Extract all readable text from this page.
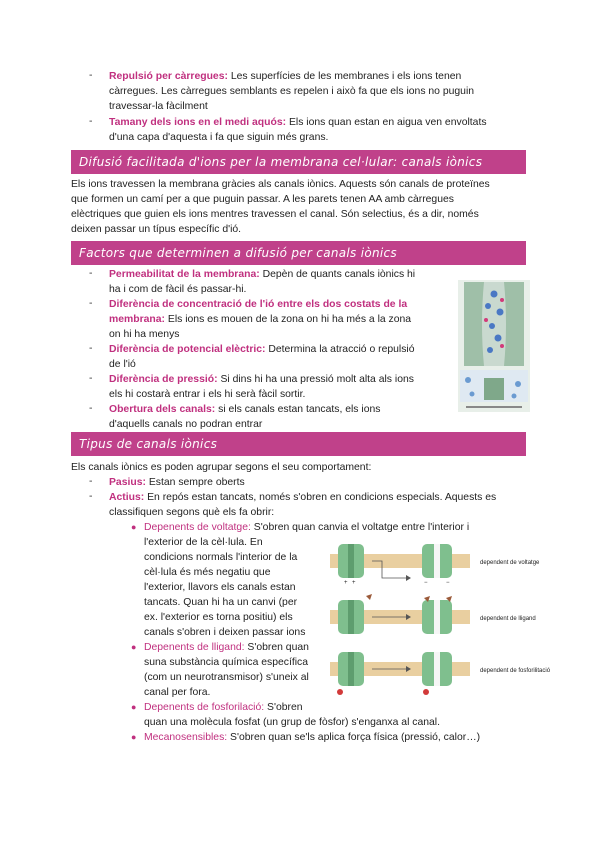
- Repulsió per càrregues: Les superfícies de les membranes i els ions tenen
càrregues. Les càrregues semblants es repelen i això fa que els ions no puguin
travessar-la fàcilment
- Tamany dels ions en el medi aquós: Els ions quan estan en aigua ven envoltats
d'una capa d'aquesta i fa que siguin més grans.
Difusió facilitada d'ions per la membrana cel·lular: canals iònics
Els ions travessen la membrana gràcies als canals iònics. Aquests són canals de proteïnes
que formen un camí per a que puguin passar. A les parets tenen AA amb càrregues
elèctriques que guien els ions mentres travessen el canal. Són selectius, és a dir, només
deixen passar un típus específic d'ió.
Factors que determinen a difusió per canals iònics
- Permeabilitat de la membrana: Depèn de quants canals iònics hi
ha i com de fàcil és passar-hi.
- Diferència de concentració de l'ió entre els dos costats de la
membrana: Els ions es mouen de la zona on hi ha més a la zona
on hi ha menys
- Diferència de potencial elèctric: Determina la atracció o repulsió
de l'ió
- Diferència de pressió: Si dins hi ha una pressió molt alta als ions
els hi costarà entrar i els hi serà fàcil sortir.
- Obertura dels canals: si els canals estan tancats, els ions
d'aquells canals no podran entrar
Tipus de canals iònics
Els canals iònics es poden agrupar segons el seu comportament:
- Pasius: Estan sempre oberts
- Actius: En repós estan tancats, només s'obren en condicions especials. Aquests es
classifiquen segons què els fa obrir:
● Depenents de voltatge: S'obren quan canvia el voltatge entre l'interior i
l'exterior de la cèl·lula. En
condicions normals l'interior de la
cèl·lula és més negatiu que
l'exterior, llavors els canals estan
tancats. Quan hi ha un canvi (per
ex. l'exterior es torna positiu) els
canals s'obren i deixen passar ions
● Depenents de lligand: S'obren quan
suna substància química específica
(com un neurotransmisor) s'uneix al
canal per fora.
● Depenents de fosforilació: S'obren
quan una molècula fosfat (un grup de fòsfor) s'enganxa al canal.
● Mecanosensibles: S'obren quan se'ls aplica força física (pressió, calor…)
+ +	−	−
dependent de voltatge
dependent de lligand
dependent de fosforilitació
